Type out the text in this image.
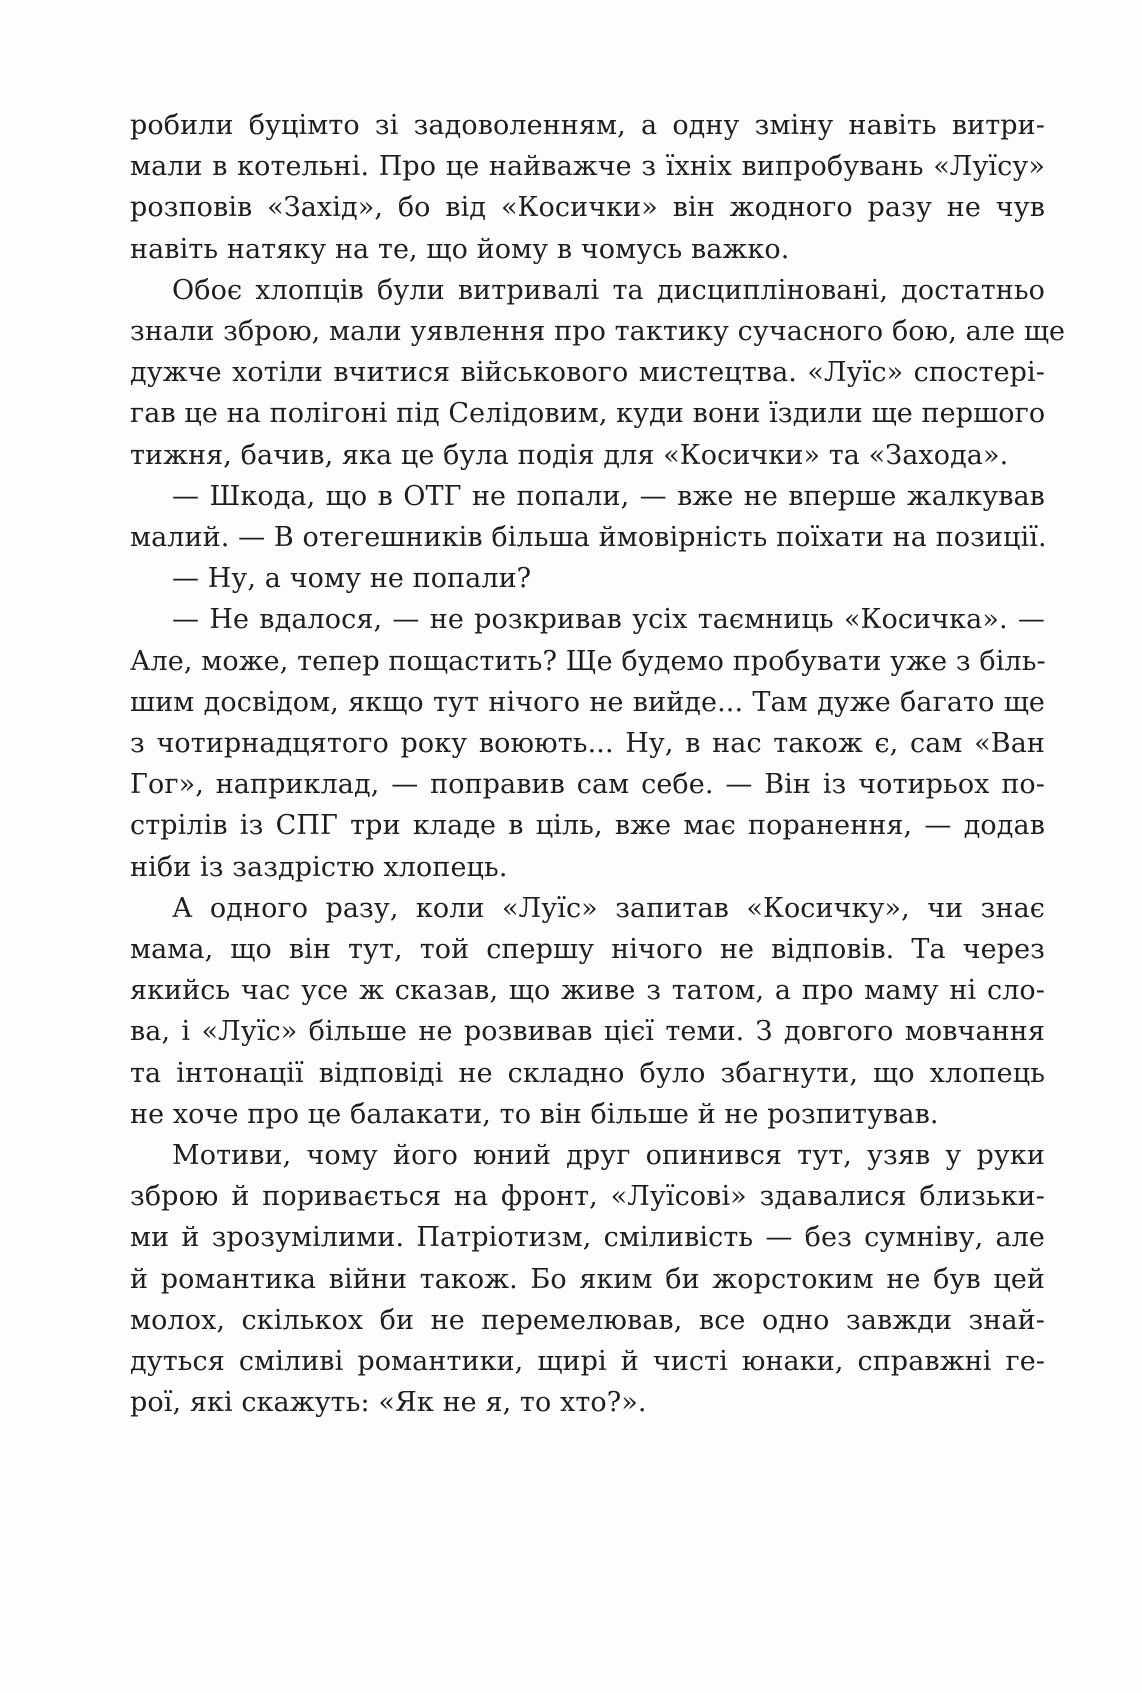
робили буцімто зі задоволенням, а одну зміну навіть витри-
мали в котельні. Про це найважче з їхніх випробувань «Луїсу»
розповів «Захід», бо від «Косички» він жодного разу не чув
навіть натяку на те, що йому в чомусь важко.

Обоє хлопців були витривалі та дисципліновані, достатньо
знали зброю, мали уявлення про тактику сучасного бою, але ще
дужче хотіли вчитися військового мистецтва. «Луїс» спостері-
гав це на полігоні під Селідовим, куди вони їздили ще першого
тижня, бачив, яка це була подія для «Косички» та «Захода».

— Шкода, що в ОТГ не попали, — вже не вперше жалкував
малий. — В отегешників більша ймовірність поїхати на позиції.

— Ну, а чому не попали?

— Не вдалося, — не розкривав усіх таємниць «Косичка». —
Але, може, тепер пощастить? Ще будемо пробувати уже з біль-
шим досвідом, якщо тут нічого не вийде... Там дуже багато ще
з чотирнадцятого року воюють... Ну, в нас також є, сам «Ван
Гог», наприклад, — поправив сам себе. — Він із чотирьох по-
стрілів із СПГ три кладе в ціль, вже має поранення, — додав
ніби із заздрістю хлопець.

А одного разу, коли «Луїс» запитав «Косичку», чи знає
мама, що він тут, той спершу нічого не відповів. Та через
якийсь час усе ж сказав, що живе з татом, а про маму ні сло-
ва, і «Луїс» більше не розвивав цієї теми. З довгого мовчання
та інтонації відповіді не складно було збагнути, що хлопець
не хоче про це балакати, то він більше й не розпитував.

Мотиви, чому його юний друг опинився тут, узяв у руки
зброю й поривається на фронт, «Луїсові» здавалися близьки-
ми й зрозумілими. Патріотизм, сміливість — без сумніву, але
й романтика війни також. Бо яким би жорстоким не був цей
молох, скількох би не перемелював, все одно завжди знай-
дуться сміливі романтики, щирі й чисті юнаки, справжні ге-
рої, які скажуть: «Як не я, то хто?».
